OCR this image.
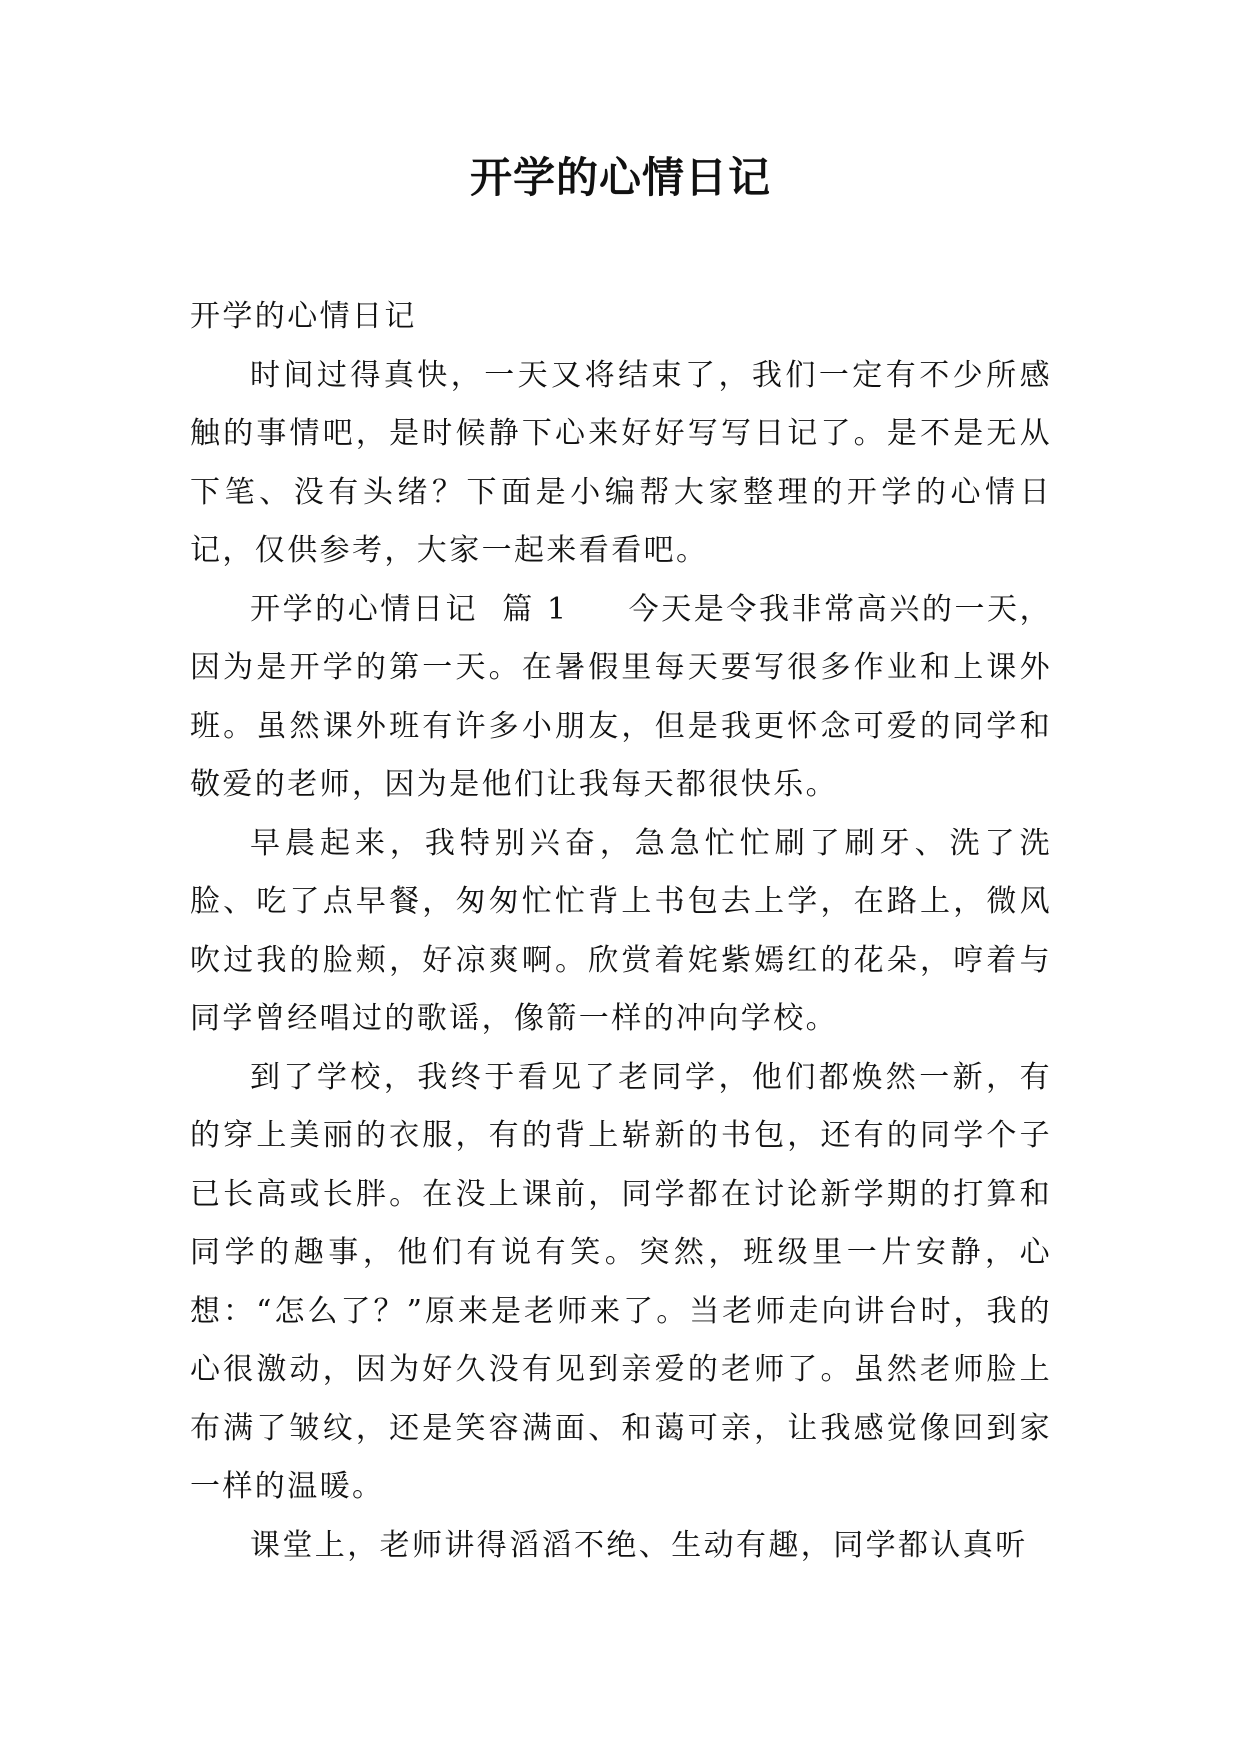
开学的心情日记

开学的心情日记

时间过得真快，一天又将结束了，我们一定有不少所感触的事情吧，是时候静下心来好好写写日记了。是不是无从下笔、没有头绪？下面是小编帮大家整理的开学的心情日记，仅供参考，大家一起来看看吧。

开学的心情日记  篇 1 今天是令我非常高兴的一天，因为是开学的第一天。在暑假里每天要写很多作业和上课外班。虽然课外班有许多小朋友，但是我更怀念可爱的同学和敬爱的老师，因为是他们让我每天都很快乐。

早晨起来，我特别兴奋，急急忙忙刷了刷牙、洗了洗脸、吃了点早餐，匆匆忙忙背上书包去上学，在路上，微风吹过我的脸颊，好凉爽啊。欣赏着姹紫嫣红的花朵，哼着与同学曾经唱过的歌谣，像箭一样的冲向学校。

到了学校，我终于看见了老同学，他们都焕然一新，有的穿上美丽的衣服，有的背上崭新的书包，还有的同学个子已长高或长胖。在没上课前，同学都在讨论新学期的打算和同学的趣事，他们有说有笑。突然，班级里一片安静，心想：“怎么了？”原来是老师来了。当老师走向讲台时，我的心很激动，因为好久没有见到亲爱的老师了。虽然老师脸上布满了皱纹，还是笑容满面、和蔼可亲，让我感觉像回到家一样的温暖。

课堂上，老师讲得滔滔不绝、生动有趣，同学都认真听
